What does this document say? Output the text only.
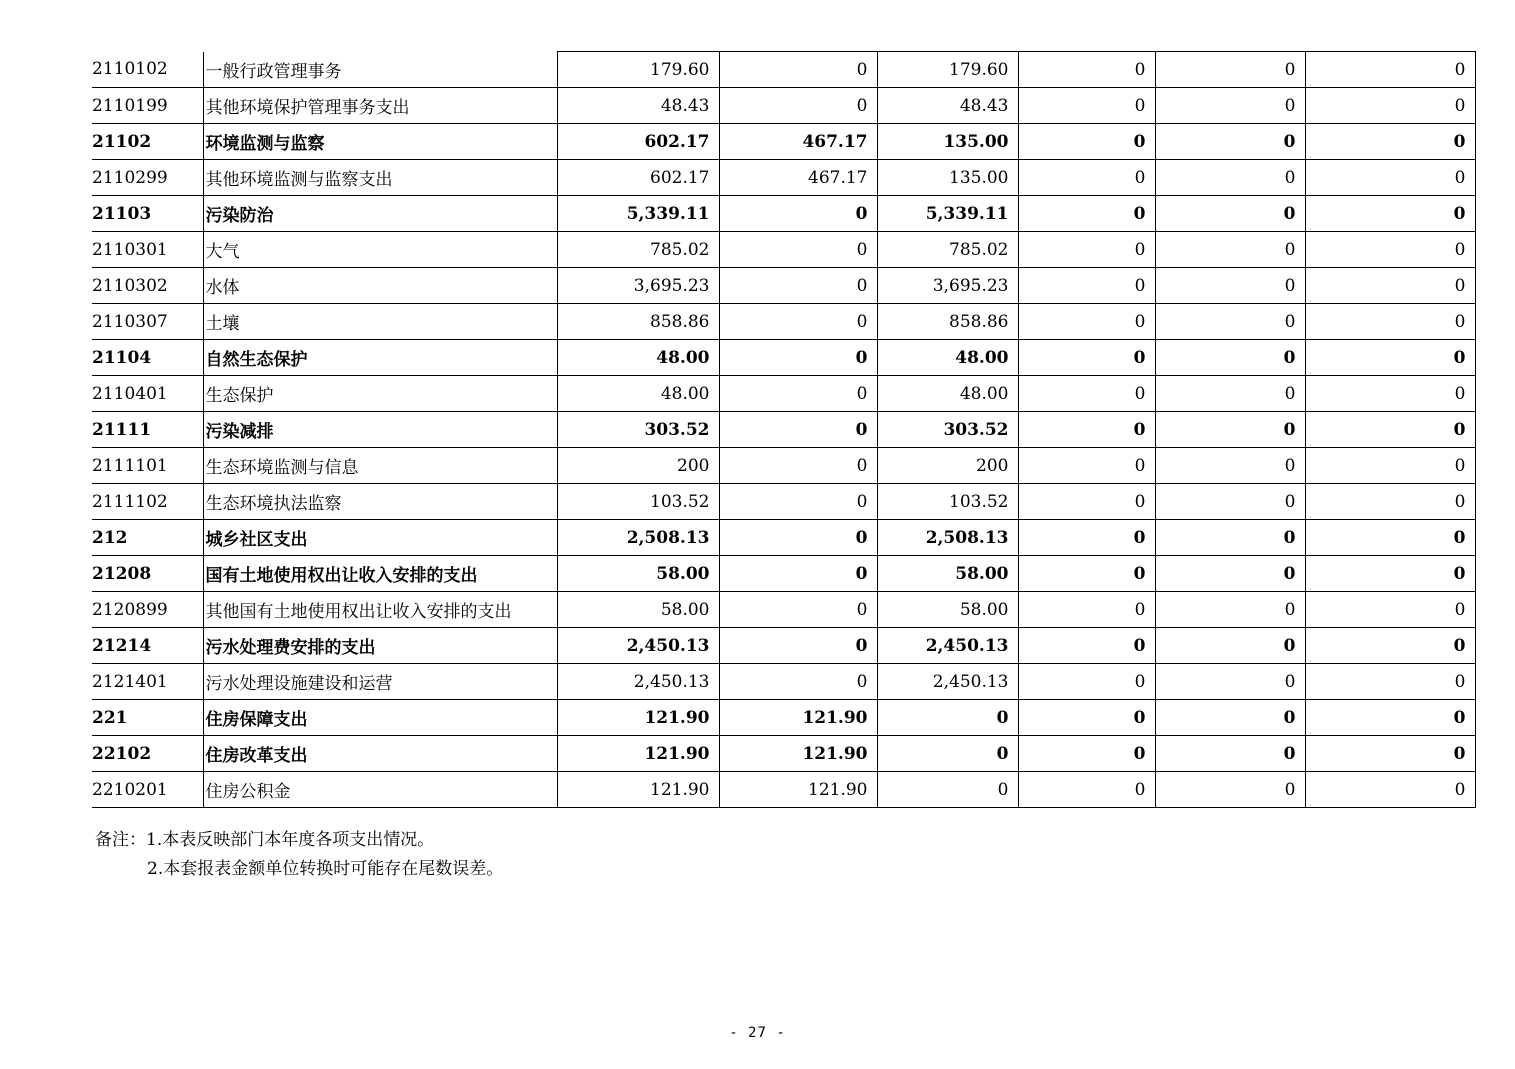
2110102	一般行政管理事务	179.60	0	179.60	0	0	0
2110199	其他环境保护管理事务支出	48.43	0	48.43	0	0	0
21102	环境监测与监察	602.17	467.17	135.00	0	0	0
2110299	其他环境监测与监察支出	602.17	467.17	135.00	0	0	0
21103	污染防治	5,339.11	0	5,339.11	0	0	0
2110301	大气	785.02	0	785.02	0	0	0
2110302	水体	3,695.23	0	3,695.23	0	0	0
2110307	土壤	858.86	0	858.86	0	0	0
21104	自然生态保护	48.00	0	48.00	0	0	0
2110401	生态保护	48.00	0	48.00	0	0	0
21111	污染减排	303.52	0	303.52	0	0	0
2111101	生态环境监测与信息	200	0	200	0	0	0
2111102	生态环境执法监察	103.52	0	103.52	0	0	0
212	城乡社区支出	2,508.13	0	2,508.13	0	0	0
21208	国有土地使用权出让收入安排的支出	58.00	0	58.00	0	0	0
2120899	其他国有土地使用权出让收入安排的支出	58.00	0	58.00	0	0	0
21214	污水处理费安排的支出	2,450.13	0	2,450.13	0	0	0
2121401	污水处理设施建设和运营	2,450.13	0	2,450.13	0	0	0
221	住房保障支出	121.90	121.90	0	0	0	0
22102	住房改革支出	121.90	121.90	0	0	0	0
2210201	住房公积金	121.90	121.90	0	0	0	0
备注：1.本表反映部门本年度各项支出情况。
2.本套报表金额单位转换时可能存在尾数误差。
- 27 -
